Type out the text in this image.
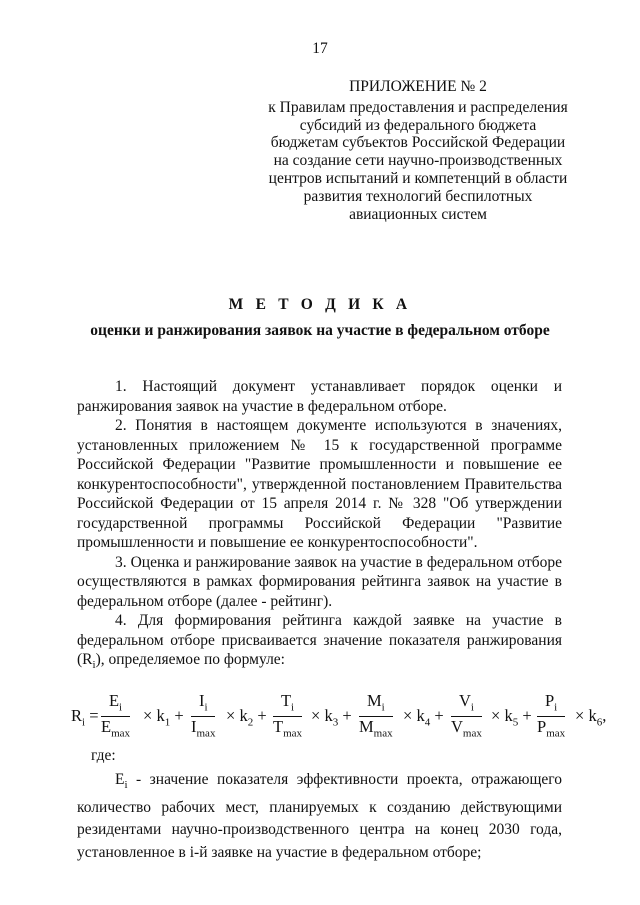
17
ПРИЛОЖЕНИЕ № 2
к Правилам предоставления и распределения
субсидий из федерального бюджета
бюджетам субъектов Российской Федерации
на создание сети научно-производственных
центров испытаний и компетенций в области
развития технологий беспилотных
авиационных систем
М Е Т О Д И К А
оценки и ранжирования заявок на участие в федеральном отборе

1. Настоящий документ устанавливает порядок оценки и ранжирования заявок на участие в федеральном отборе.

2. Понятия в настоящем документе используются в значениях, установленных приложением № 15 к государственной программе Российской Федерации "Развитие промышленности и повышение ее конкурентоспособности", утвержденной постановлением Правительства Российской Федерации от 15 апреля 2014 г. № 328 "Об утверждении государственной программы Российской Федерации "Развитие промышленности и повышение ее конкурентоспособности".

3. Оценка и ранжирование заявок на участие в федеральном отборе осуществляются в рамках формирования рейтинга заявок на участие в федеральном отборе (далее - рейтинг).

4. Для формирования рейтинга каждой заявке на участие в федеральном отборе присваивается значение показателя ранжирования $(R_i)$, определяемое по формуле:

$R_i$ =
$E_i$
$E_{max}$
× $k_1$ +
$I_i$
$I_{max}$
× $k_2$ +
$T_i$
$T_{max}$
× $k_3$ +
$M_i$
$M_{max}$
× $k_4$ +
$V_i$
$V_{max}$
× $k_5$ +
$P_i$
$P_{max}$
× $k_6$,
где:
$E_i$ - значение показателя эффективности проекта, отражающего количество рабочих мест, планируемых к созданию действующими резидентами научно-производственного центра на конец 2030 года, установленное в i-й заявке на участие в федеральном отборе;
